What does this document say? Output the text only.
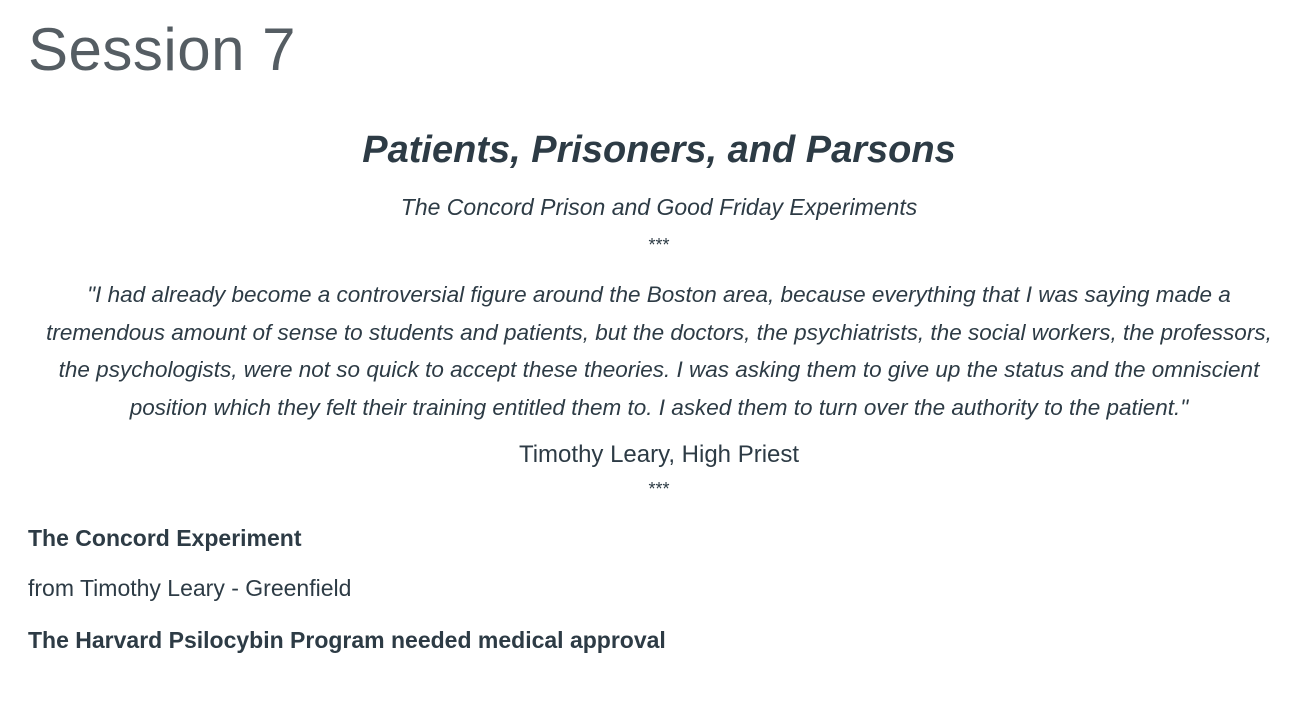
Session 7
Patients, Prisoners, and Parsons

The Concord Prison and Good Friday Experiments

***

"I had already become a controversial figure around the Boston area, because everything that I was saying made a tremendous amount of sense to students and patients, but the doctors, the psychiatrists, the social workers, the professors, the psychologists, were not so quick to accept these theories. I was asking them to give up the status and the omniscient position which they felt their training entitled them to. I asked them to turn over the authority to the patient."

Timothy Leary, High Priest

***

The Concord Experiment

from Timothy Leary - Greenfield

The Harvard Psilocybin Program needed medical approval
